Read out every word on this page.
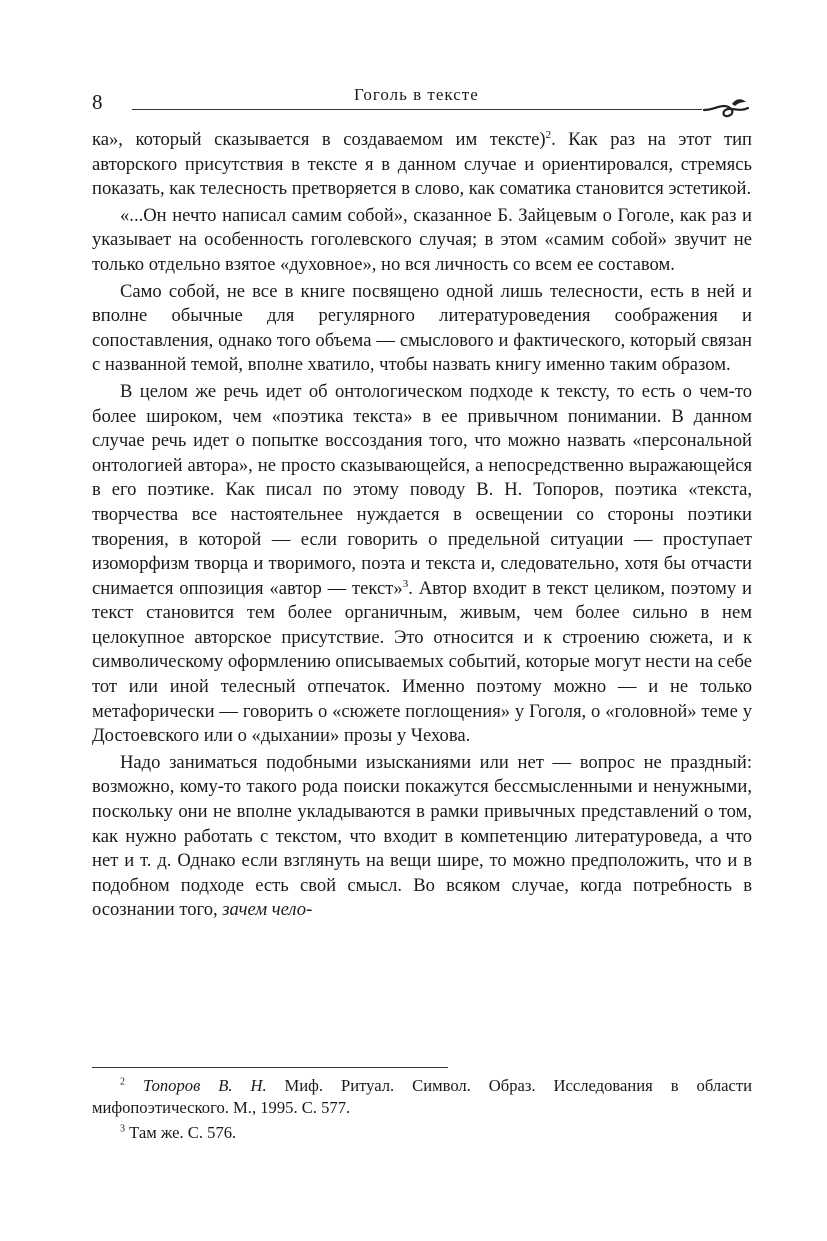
8	Гоголь в тексте

ка», который сказывается в создаваемом им тексте)$^2$. Как раз на этот тип авторского присутствия в тексте я в данном случае и ориентировался, стремясь показать, как телесность претворяется в слово, как соматика становится эстетикой.

«...Он нечто написал самим собой», сказанное Б. Зайцевым о Гоголе, как раз и указывает на особенность гоголевского случая; в этом «самим собой» звучит не только отдельно взятое «духовное», но вся личность со всем ее составом.

Само собой, не все в книге посвящено одной лишь телесности, есть в ней и вполне обычные для регулярного литературоведения соображения и сопоставления, однако того объема — смыслового и фактического, который связан с названной темой, вполне хватило, чтобы назвать книгу именно таким образом.

В целом же речь идет об онтологическом подходе к тексту, то есть о чем-то более широком, чем «поэтика текста» в ее привычном понимании. В данном случае речь идет о попытке воссоздания того, что можно назвать «персональной онтологией автора», не просто сказывающейся, а непосредственно выражающейся в его поэтике. Как писал по этому поводу В. Н. Топоров, поэтика «текста, творчества все настоятельнее нуждается в освещении со стороны поэтики творения, в которой — если говорить о предельной ситуации — проступает изоморфизм творца и творимого, поэта и текста и, следовательно, хотя бы отчасти снимается оппозиция «автор — текст»$^3$. Автор входит в текст целиком, поэтому и текст становится тем более органичным, живым, чем более сильно в нем целокупное авторское присутствие. Это относится и к строению сюжета, и к символическому оформлению описываемых событий, которые могут нести на себе тот или иной телесный отпечаток. Именно поэтому можно — и не только метафорически — говорить о «сюжете поглощения» у Гоголя, о «головной» теме у Достоевского или о «дыхании» прозы у Чехова.

Надо заниматься подобными изысканиями или нет — вопрос не праздный: возможно, кому-то такого рода поиски покажутся бессмысленными и ненужными, поскольку они не вполне укладываются в рамки привычных представлений о том, как нужно работать с текстом, что входит в компетенцию литературоведа, а что нет и т. д. Однако если взглянуть на вещи шире, то можно предположить, что и в подобном подходе есть свой смысл. Во всяком случае, когда потребность в осознании того, зачем чело-

$^2$ Топоров В. Н. Миф. Ритуал. Символ. Образ. Исследования в области мифопоэтического. М., 1995. С. 577.

$^3$ Там же. С. 576.
